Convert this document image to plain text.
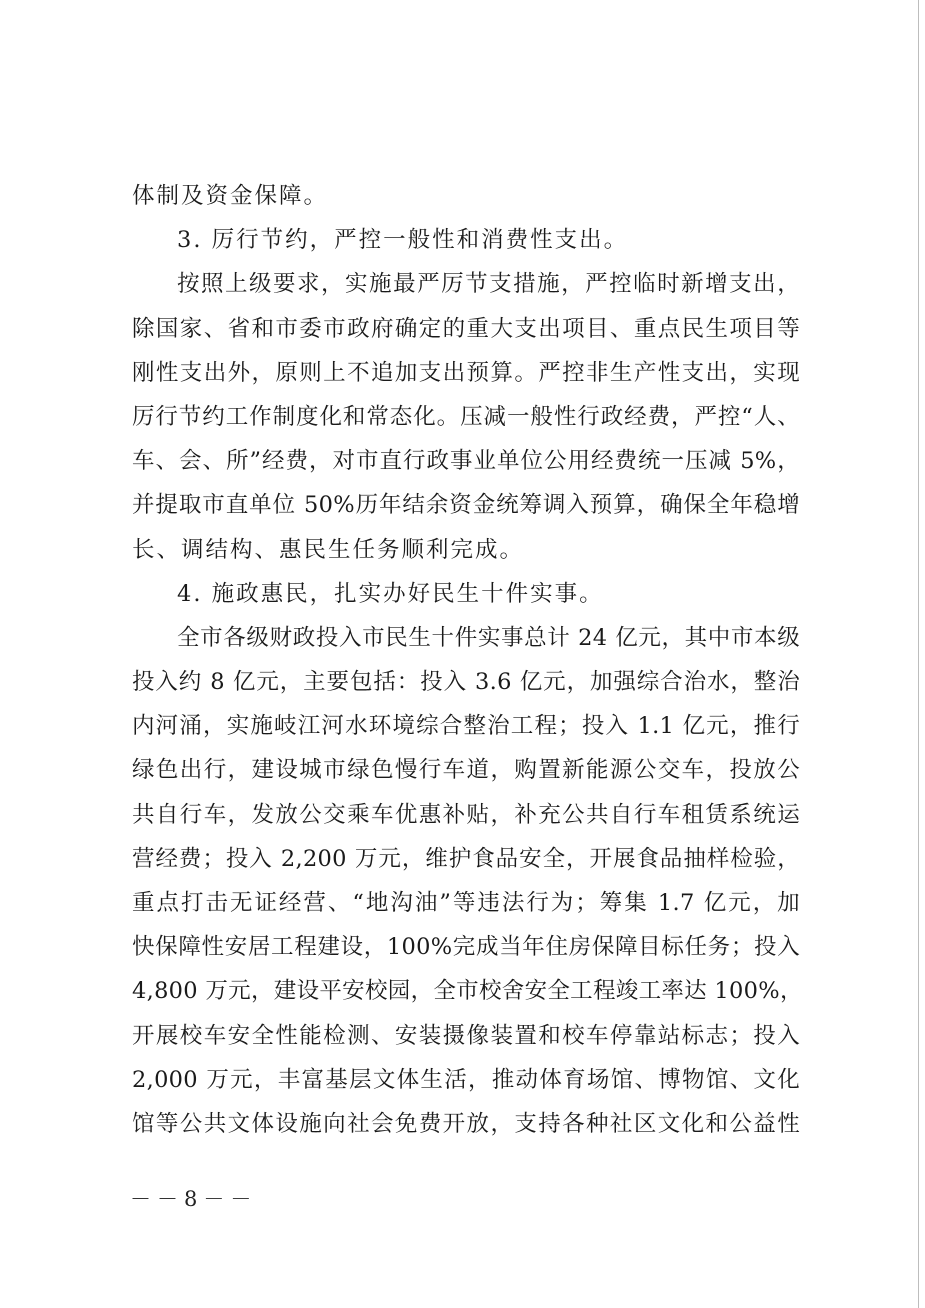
体制及资金保障。
3. 厉行节约，严控一般性和消费性支出。
按照上级要求，实施最严厉节支措施，严控临时新增支出，
除国家、省和市委市政府确定的重大支出项目、重点民生项目等
刚性支出外，原则上不追加支出预算。严控非生产性支出，实现
厉行节约工作制度化和常态化。压减一般性行政经费，严控“人、
车、会、所”经费，对市直行政事业单位公用经费统一压减 5%，
并提取市直单位 50%历年结余资金统筹调入预算，确保全年稳增
长、调结构、惠民生任务顺利完成。
4. 施政惠民，扎实办好民生十件实事。
全市各级财政投入市民生十件实事总计 24 亿元，其中市本级
投入约 8 亿元，主要包括：投入 3.6 亿元，加强综合治水，整治
内河涌，实施岐江河水环境综合整治工程；投入 1.1 亿元，推行
绿色出行，建设城市绿色慢行车道，购置新能源公交车，投放公
共自行车，发放公交乘车优惠补贴，补充公共自行车租赁系统运
营经费；投入 2,200 万元，维护食品安全，开展食品抽样检验，
重点打击无证经营、“地沟油”等违法行为；筹集 1.7 亿元，加
快保障性安居工程建设，100%完成当年住房保障目标任务；投入
4,800 万元，建设平安校园，全市校舍安全工程竣工率达 100%，
开展校车安全性能检测、安装摄像装置和校车停靠站标志；投入
2,000 万元，丰富基层文体生活，推动体育场馆、博物馆、文化
馆等公共文体设施向社会免费开放，支持各种社区文化和公益性
－－8－－
